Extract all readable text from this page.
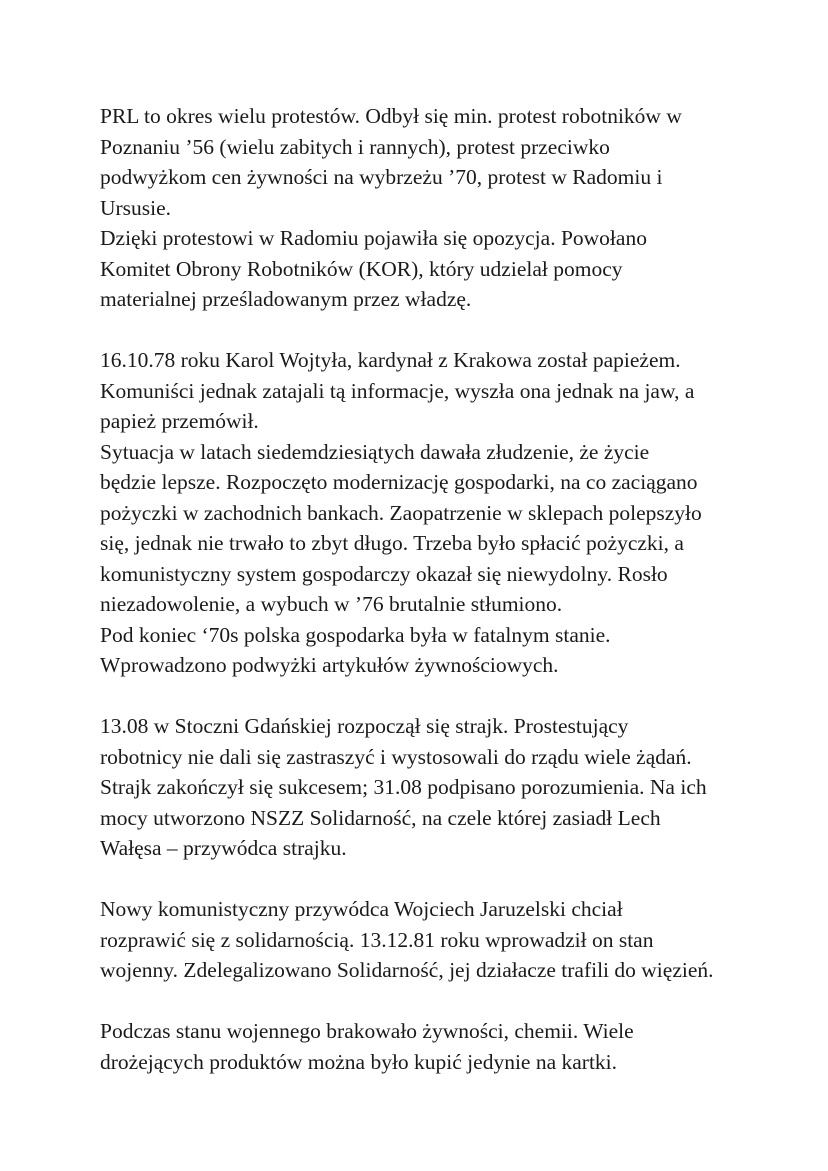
PRL to okres wielu protestów. Odbył się min. protest robotników w
Poznaniu ’56 (wielu zabitych i rannych), protest przeciwko
podwyżkom cen żywności na wybrzeżu ’70, protest w Radomiu i
Ursusie.
Dzięki protestowi w Radomiu pojawiła się opozycja. Powołano
Komitet Obrony Robotników (KOR), który udzielał pomocy
materialnej prześladowanym przez władzę.
16.10.78 roku Karol Wojtyła, kardynał z Krakowa został papieżem.
Komuniści jednak zatajali tą informacje, wyszła ona jednak na jaw, a
papież przemówił.
Sytuacja w latach siedemdziesiątych dawała złudzenie, że życie
będzie lepsze. Rozpoczęto modernizację gospodarki, na co zaciągano
pożyczki w zachodnich bankach. Zaopatrzenie w sklepach polepszyło
się, jednak nie trwało to zbyt długo. Trzeba było spłacić pożyczki, a
komunistyczny system gospodarczy okazał się niewydolny. Rosło
niezadowolenie, a wybuch w ’76 brutalnie stłumiono.
Pod koniec ‘70s polska gospodarka była w fatalnym stanie.
Wprowadzono podwyżki artykułów żywnościowych.
13.08 w Stoczni Gdańskiej rozpoczął się strajk. Prostestujący
robotnicy nie dali się zastraszyć i wystosowali do rządu wiele żądań.
Strajk zakończył się sukcesem; 31.08 podpisano porozumienia. Na ich
mocy utworzono NSZZ Solidarność, na czele której zasiadł Lech
Wałęsa – przywódca strajku.
Nowy komunistyczny przywódca Wojciech Jaruzelski chciał
rozprawić się z solidarnością. 13.12.81 roku wprowadził on stan
wojenny. Zdelegalizowano Solidarność, jej działacze trafili do więzień.
Podczas stanu wojennego brakowało żywności, chemii. Wiele
drożejących produktów można było kupić jedynie na kartki.
